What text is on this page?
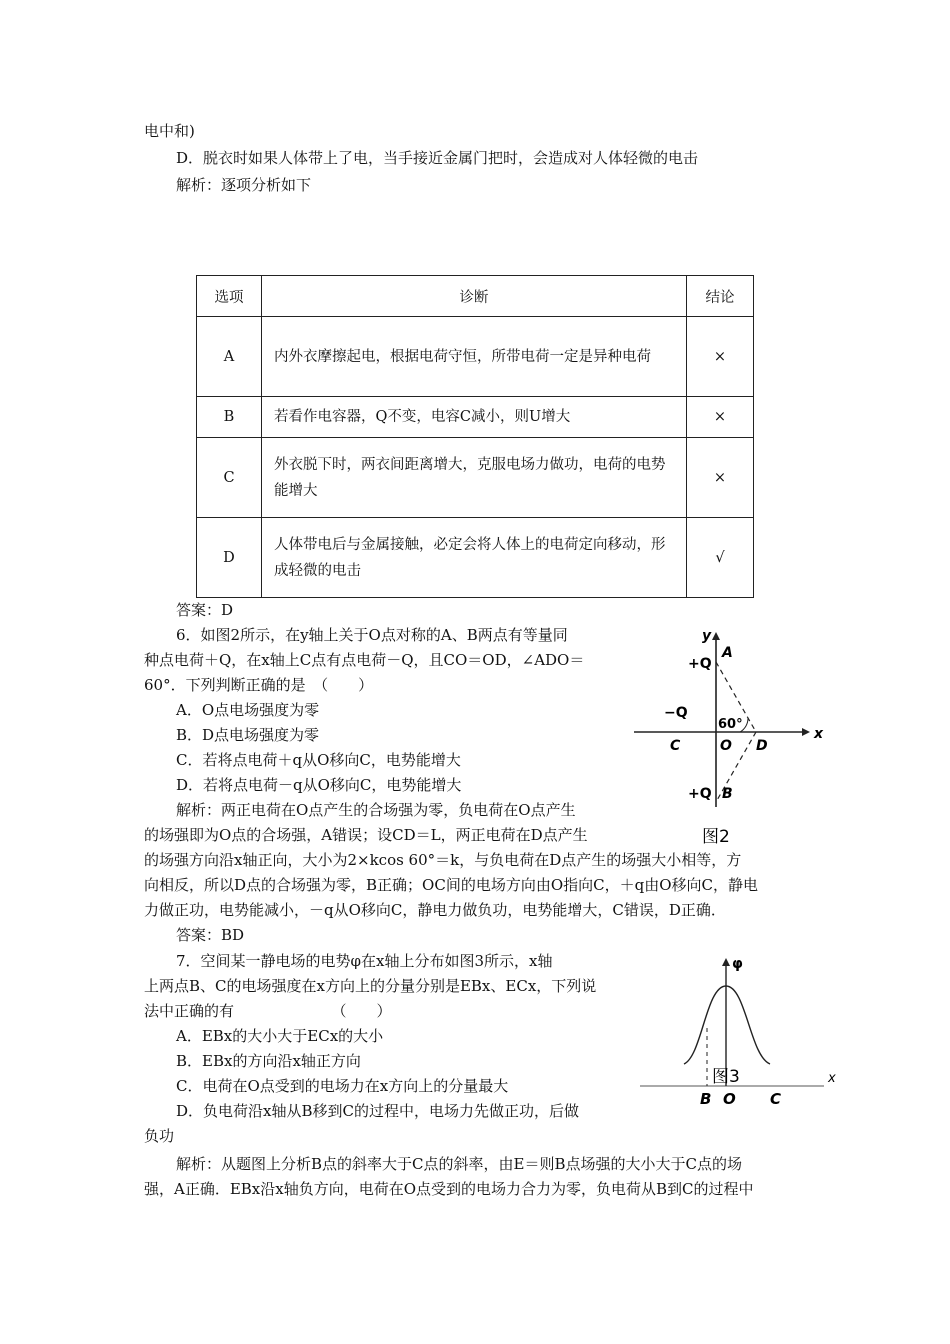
电中和)
D．脱衣时如果人体带上了电，当手接近金属门把时，会造成对人体轻微的电击
解析：逐项分析如下
选项	诊断	结论
A	内外衣摩擦起电，根据电荷守恒，所带电荷一定是异种电荷	×
B	若看作电容器，Q不变，电容C减小，则U增大	×
C	外衣脱下时，两衣间距离增大，克服电场力做功，电荷的电势能增大	×
D	人体带电后与金属接触，必定会将人体上的电荷定向移动，形成轻微的电击	√
答案：D
6．如图2所示，在y轴上关于O点对称的A、B两点有等量同
种点电荷＋Q，在x轴上C点有点电荷－Q，且CO＝OD，∠ADO＝
60°．下列判断正确的是　（　　）
A．O点电场强度为零
B．D点电场强度为零
C．若将点电荷＋q从O移向C，电势能增大
D．若将点电荷－q从O移向C，电势能增大
解析：两正电荷在O点产生的合场强为零，负电荷在O点产生
的场强即为O点的合场强，A错误；设CD＝L，两正电荷在D点产生
的场强方向沿x轴正向，大小为2×kcos 60°＝k，与负电荷在D点产生的场强大小相等，方
向相反，所以D点的合场强为零，B正确；OC间的电场方向由O指向C，＋q由O移向C，静电
力做正功，电势能减小，－q从O移向C，静电力做负功，电势能增大，C错误，D正确．
答案：BD
y
x
+Q
A
−Q
60°
C	O D
+Q B
图2
7．空间某一静电场的电势φ在x轴上分布如图3所示，x轴
上两点B、C的电场强度在x方向上的分量分别是EBx、ECx，下列说
法中正确的有　　　　　　　（　　）
A．EBx的大小大于ECx的大小
B．EBx的方向沿x轴正方向
C．电荷在O点受到的电场力在x方向上的分量最大
D．负电荷沿x轴从B移到C的过程中，电场力先做正功，后做
负功
解析：从题图上分析B点的斜率大于C点的斜率，由E＝则B点场强的大小大于C点的场
强，A正确．EBx沿x轴负方向，电荷在O点受到的电场力合力为零，负电荷从B到C的过程中
φ
x
图3
B O C
